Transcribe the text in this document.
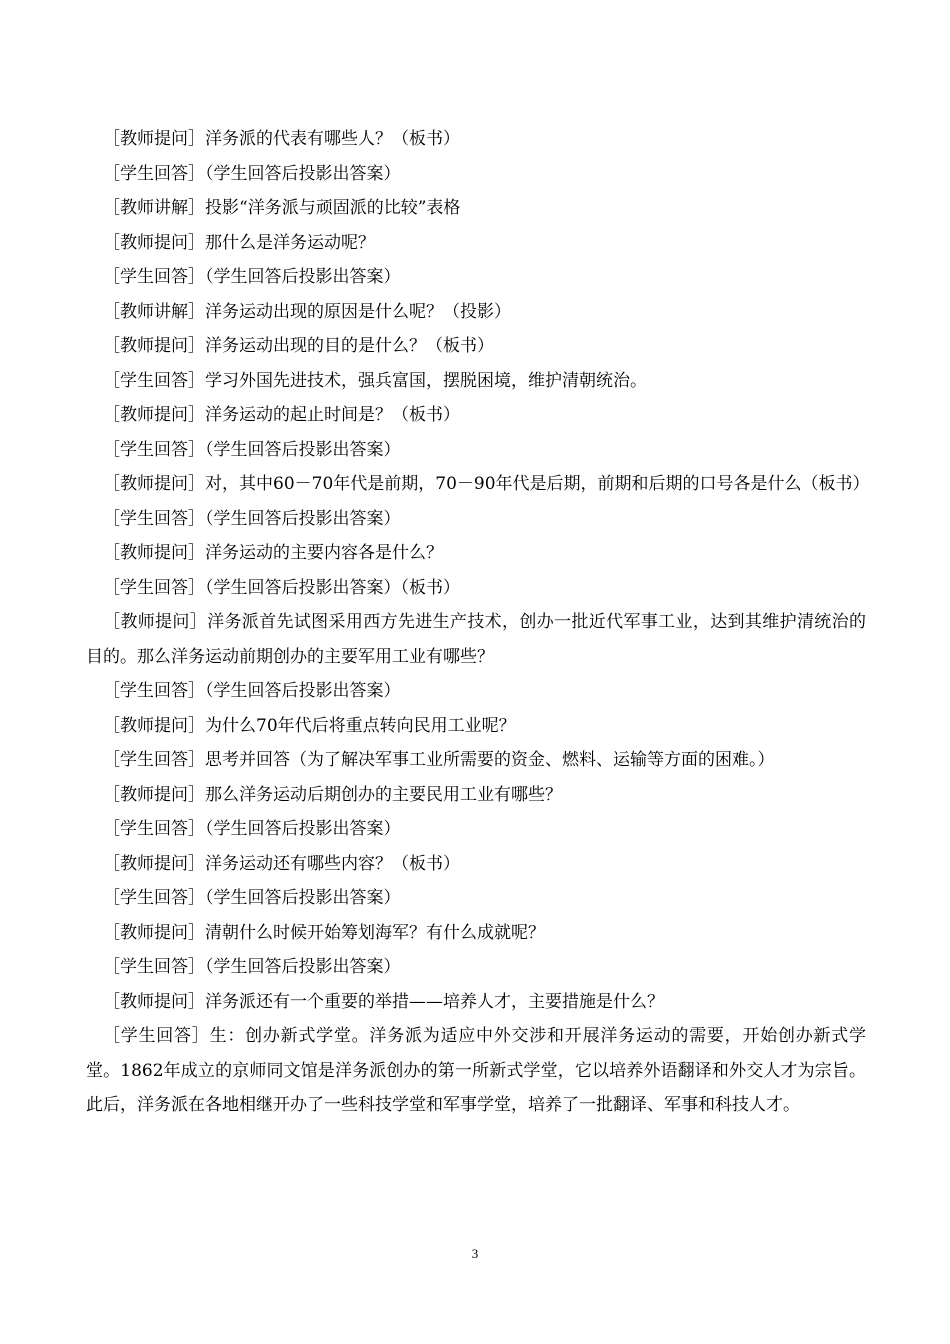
［教师提问］洋务派的代表有哪些人？（板书）

［学生回答］（学生回答后投影出答案）

［教师讲解］投影“洋务派与顽固派的比较”表格

［教师提问］那什么是洋务运动呢？

［学生回答］（学生回答后投影出答案）

［教师讲解］洋务运动出现的原因是什么呢？（投影）

［教师提问］洋务运动出现的目的是什么？（板书）

［学生回答］学习外国先进技术，强兵富国，摆脱困境，维护清朝统治。

［教师提问］洋务运动的起止时间是？（板书）

［学生回答］（学生回答后投影出答案）

［教师提问］对，其中60－70年代是前期，70－90年代是后期，前期和后期的口号各是什么（板书）

［学生回答］（学生回答后投影出答案）

［教师提问］洋务运动的主要内容各是什么？

［学生回答］（学生回答后投影出答案）（板书）

［教师提问］洋务派首先试图采用西方先进生产技术，创办一批近代军事工业，达到其维护清统治的目的。那么洋务运动前期创办的主要军用工业有哪些？

［学生回答］（学生回答后投影出答案）

［教师提问］为什么70年代后将重点转向民用工业呢？

［学生回答］思考并回答（为了解决军事工业所需要的资金、燃料、运输等方面的困难。）

［教师提问］那么洋务运动后期创办的主要民用工业有哪些？

［学生回答］（学生回答后投影出答案）

［教师提问］洋务运动还有哪些内容？（板书）

［学生回答］（学生回答后投影出答案）

［教师提问］清朝什么时候开始筹划海军？有什么成就呢？

［学生回答］（学生回答后投影出答案）

［教师提问］洋务派还有一个重要的举措——培养人才，主要措施是什么？

［学生回答］生：创办新式学堂。洋务派为适应中外交涉和开展洋务运动的需要，开始创办新式学堂。1862年成立的京师同文馆是洋务派创办的第一所新式学堂，它以培养外语翻译和外交人才为宗旨。此后，洋务派在各地相继开办了一些科技学堂和军事学堂，培养了一批翻译、军事和科技人才。

3
